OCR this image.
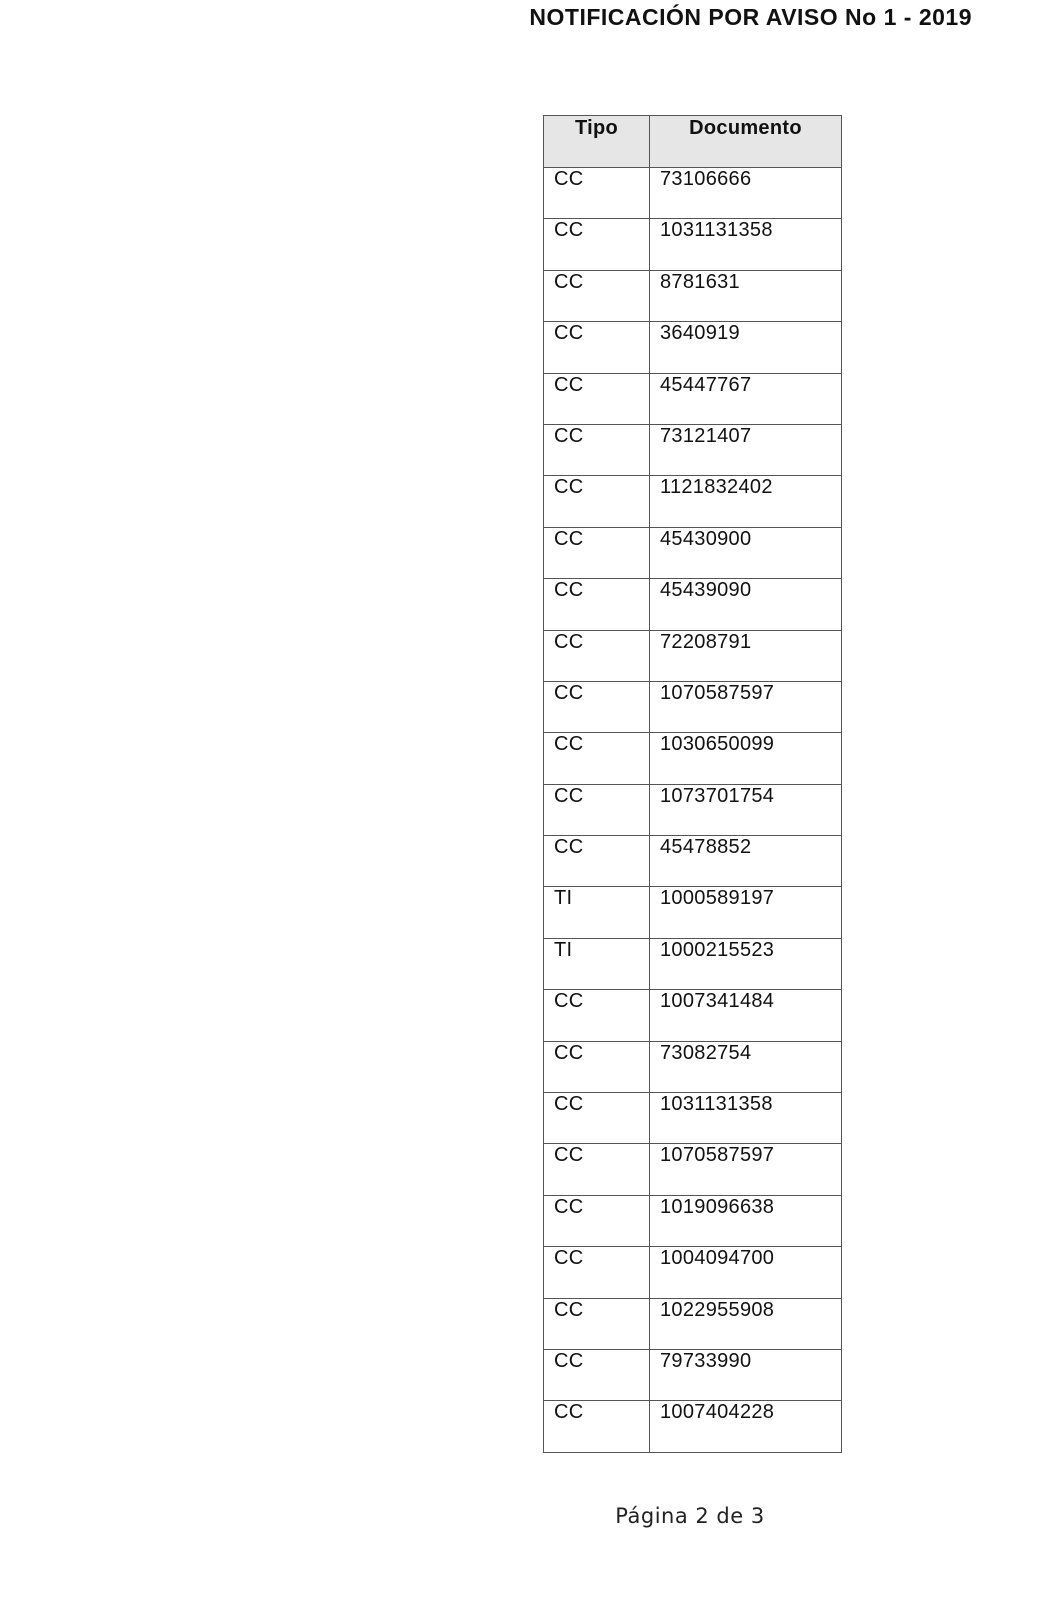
NOTIFICACIÓN POR AVISO No 1 - 2019
Tipo	Documento
CC	73106666
CC	1031131358
CC	8781631
CC	3640919
CC	45447767
CC	73121407
CC	1121832402
CC	45430900
CC	45439090
CC	72208791
CC	1070587597
CC	1030650099
CC	1073701754
CC	45478852
TI	1000589197
TI	1000215523
CC	1007341484
CC	73082754
CC	1031131358
CC	1070587597
CC	1019096638
CC	1004094700
CC	1022955908
CC	79733990
CC	1007404228
Página 2 de 3
